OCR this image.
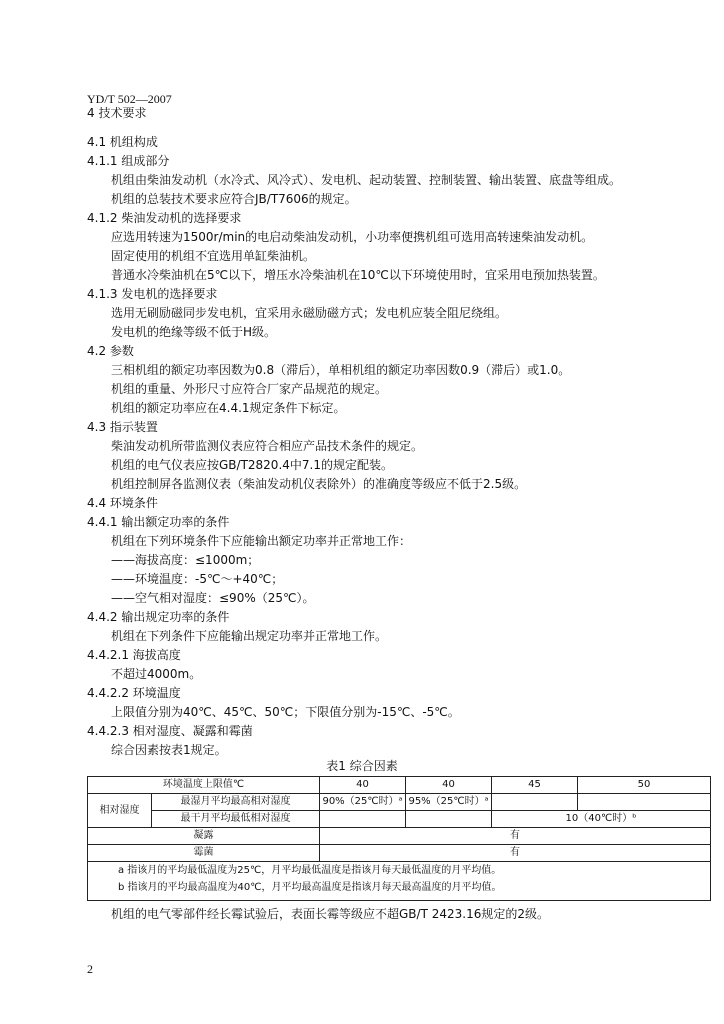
YD/T 502—2007
4 技术要求
4.1 机组构成
4.1.1 组成部分
机组由柴油发动机（水冷式、风冷式）、发电机、起动装置、控制装置、输出装置、底盘等组成。
机组的总装技术要求应符合JB/T7606的规定。
4.1.2 柴油发动机的选择要求
应选用转速为1500r/min的电启动柴油发动机，小功率便携机组可选用高转速柴油发动机。
固定使用的机组不宜选用单缸柴油机。
普通水冷柴油机在5℃以下，增压水冷柴油机在10℃以下环境使用时，宜采用电预加热装置。
4.1.3 发电机的选择要求
选用无刷励磁同步发电机，宜采用永磁励磁方式；发电机应装全阻尼绕组。
发电机的绝缘等级不低于H级。
4.2 参数
三相机组的额定功率因数为0.8（滞后），单相机组的额定功率因数0.9（滞后）或1.0。
机组的重量、外形尺寸应符合厂家产品规范的规定。
机组的额定功率应在4.4.1规定条件下标定。
4.3 指示装置
柴油发动机所带监测仪表应符合相应产品技术条件的规定。
机组的电气仪表应按GB/T2820.4中7.1的规定配装。
机组控制屏各监测仪表（柴油发动机仪表除外）的准确度等级应不低于2.5级。
4.4 环境条件
4.4.1 输出额定功率的条件
机组在下列环境条件下应能输出额定功率并正常地工作：
——海拔高度：≤1000m；
——环境温度：-5℃～+40℃；
——空气相对湿度：≤90%（25℃）。
4.4.2 输出规定功率的条件
机组在下列条件下应能输出规定功率并正常地工作。
4.4.2.1 海拔高度
不超过4000m。
4.4.2.2 环境温度
上限值分别为40℃、45℃、50℃；下限值分别为-15℃、-5℃。
4.4.2.3 相对湿度、凝露和霉菌
综合因素按表1规定。
表1 综合因素
环境温度上限值℃		40	40	45	50
相对湿度	最湿月平均最高相对湿度	90%（25℃时）ᵃ	95%（25℃时）ᵃ		
	最干月平均最低相对湿度			10（40℃时）ᵇ	
凝露		有			
霉菌		有			

a 指该月的平均最低温度为25℃，月平均最低温度是指该月每天最低温度的月平均值。
b 指该月的平均最高温度为40℃，月平均最高温度是指该月每天最高温度的月平均值。					
机组的电气零部件经长霉试验后，表面长霉等级应不超GB/T 2423.16规定的2级。
2
